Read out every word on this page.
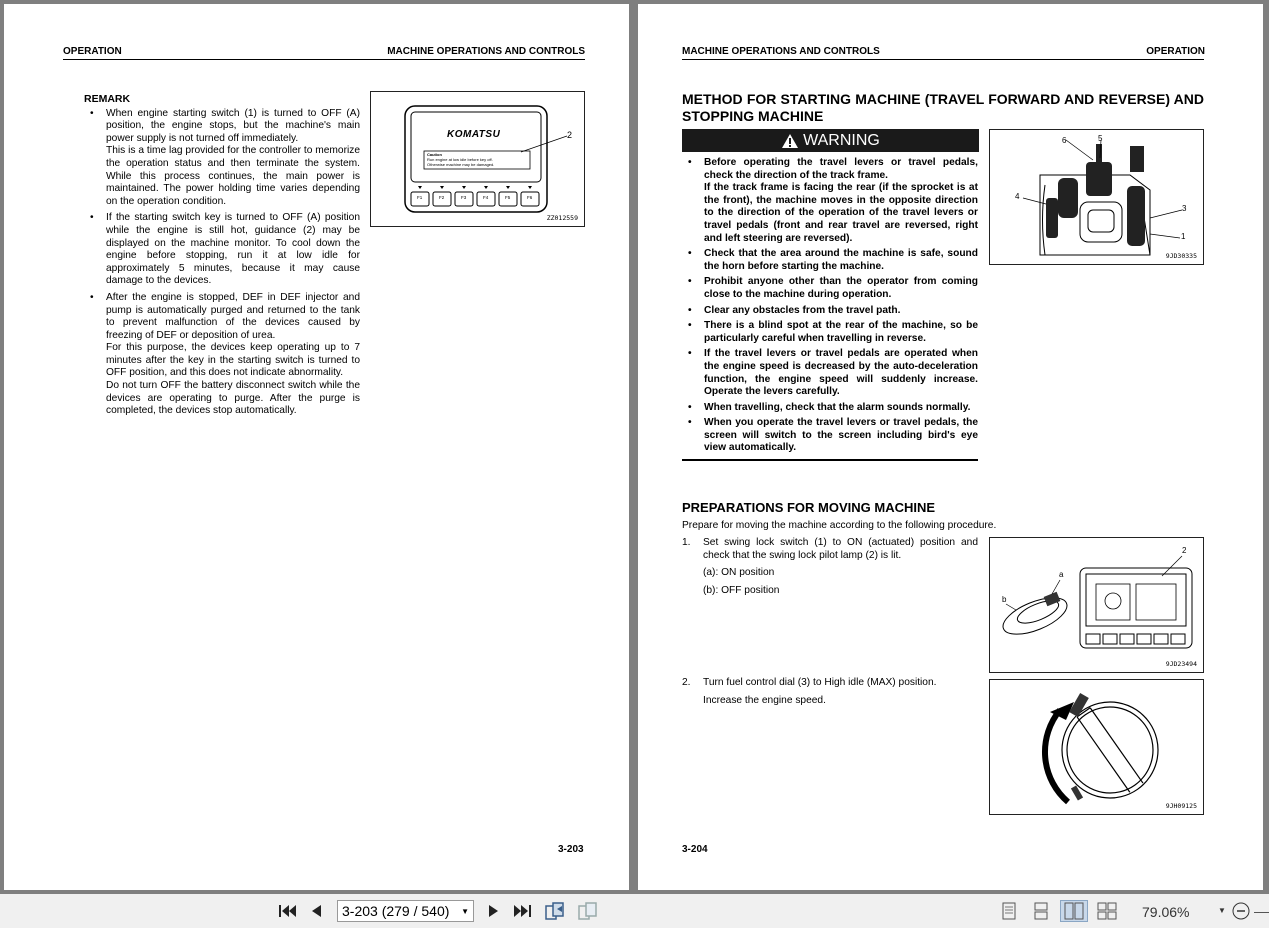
OPERATION	MACHINE OPERATIONS AND CONTROLS
REMARK
• When engine starting switch (1) is turned to OFF (A) position, the engine stops, but the machine's main power supply is not turned off immediately.
This is a time lag provided for the controller to memorize the operation status and then terminate the system. While this process continues, the main power is maintained. The power holding time varies depending on the operation condition.
• If the starting switch key is turned to OFF (A) position while the engine is still hot, guidance (2) may be displayed on the machine monitor. To cool down the engine before stopping, run it at low idle for approximately 5 minutes, because it may cause damage to the devices.
• After the engine is stopped, DEF in DEF injector and pump is automatically purged and returned to the tank to prevent malfunction of the devices caused by freezing of DEF or deposition of urea.
For this purpose, the devices keep operating up to 7 minutes after the key in the starting switch is turned to OFF position, and this does not indicate abnormality.
Do not turn OFF the battery disconnect switch while the devices are operating to purge. After the purge is completed, the devices stop automatically.
KOMATSU	2
Caution
Run engine at low idle before key off.
Otherwise machine may be damaged.
F1	F2	F3	F4	F5	F6
ZZ012559
3-203
MACHINE OPERATIONS AND CONTROLS	OPERATION
METHOD FOR STARTING MACHINE (TRAVEL FORWARD AND REVERSE) AND STOPPING MACHINE
WARNING
• Before operating the travel levers or travel pedals, check the direction of the track frame.
If the track frame is facing the rear (if the sprocket is at the front), the machine moves in the opposite direction to the direction of the operation of the travel levers or travel pedals (front and rear travel are reversed, right and left steering are reversed).
• Check that the area around the machine is safe, sound the horn before starting the machine.
• Prohibit anyone other than the operator from coming close to the machine during operation.
• Clear any obstacles from the travel path.
• There is a blind spot at the rear of the machine, so be particularly careful when travelling in reverse.
• If the travel levers or travel pedals are operated when the engine speed is decreased by the auto-deceleration function, the engine speed will suddenly increase. Operate the levers carefully.
• When travelling, check that the alarm sounds normally.
• When you operate the travel levers or travel pedals, the screen will switch to the screen including bird's eye view automatically.
6	5
4
3
1
9JD30335
PREPARATIONS FOR MOVING MACHINE
Prepare for moving the machine according to the following procedure.
1.	Set swing lock switch (1) to ON (actuated) position and check that the swing lock pilot lamp (2) is lit.
(a): ON position
(b): OFF position
2.	Turn fuel control dial (3) to High idle (MAX) position.
Increase the engine speed.
2
a
b
9JD23494
9JH09125
3-204
3-203 (279 / 540) ▼	79.06%	▼
